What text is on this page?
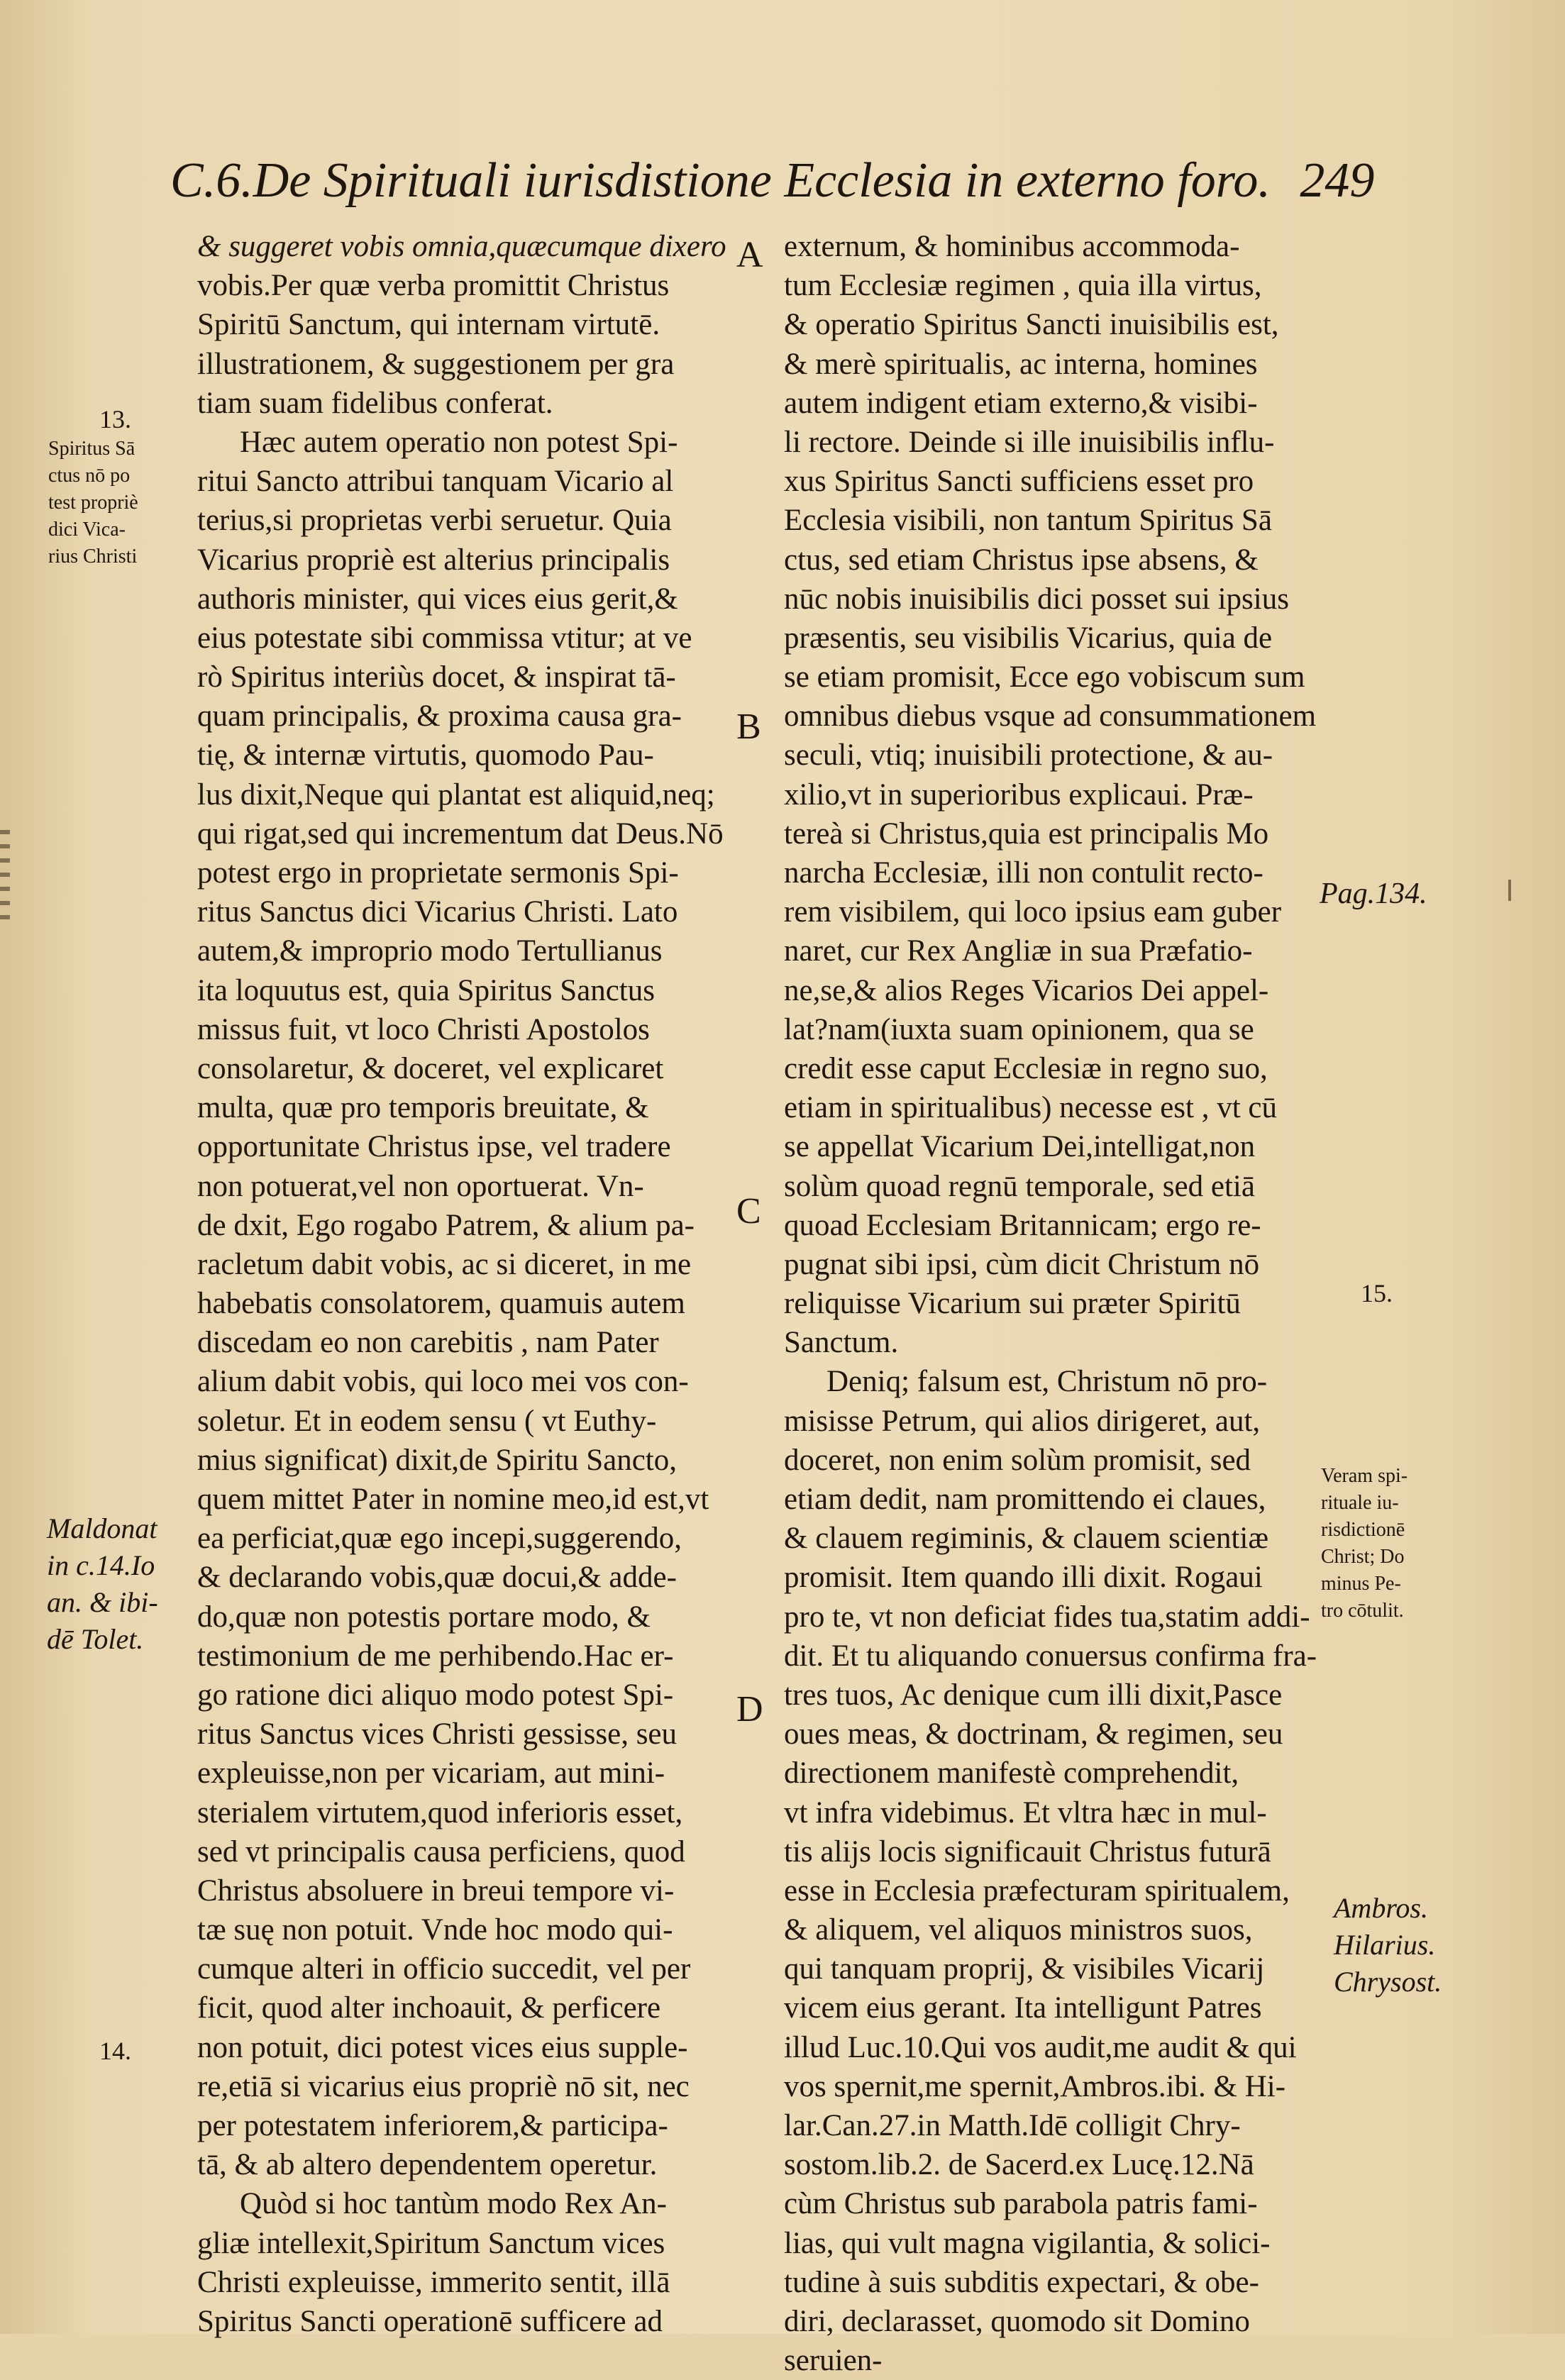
C.6.De Spirituali iurisdistione Ecclesia in externo foro. 249
& suggeret vobis omnia,quæcumque dixero
vobis.Per quæ verba promittit Christus
Spiritū Sanctum, qui internam virtutē.
illustrationem, & suggestionem per gra
tiam suam fidelibus conferat.
Hæc autem operatio non potest Spi-
ritui Sancto attribui tanquam Vicario al
terius,si proprietas verbi seruetur. Quia
Vicarius propriè est alterius principalis
authoris minister, qui vices eius gerit,&
eius potestate sibi commissa vtitur; at ve
rò Spiritus interiùs docet, & inspirat tā-
quam principalis, & proxima causa gra-
tię, & internæ virtutis, quomodo Pau-
lus dixit,Neque qui plantat est aliquid,neq;
qui rigat,sed qui incrementum dat Deus.Nō
potest ergo in proprietate sermonis Spi-
ritus Sanctus dici Vicarius Christi. Lato
autem,& improprio modo Tertullianus
ita loquutus est, quia Spiritus Sanctus
missus fuit, vt loco Christi Apostolos
consolaretur, & doceret, vel explicaret
multa, quæ pro temporis breuitate, &
opportunitate Christus ipse, vel tradere
non potuerat,vel non oportuerat. Vn-
de dxit, Ego rogabo Patrem, & alium pa-
racletum dabit vobis, ac si diceret, in me
habebatis consolatorem, quamuis autem
discedam eo non carebitis , nam Pater
alium dabit vobis, qui loco mei vos con-
soletur. Et in eodem sensu ( vt Euthy-
mius significat) dixit,de Spiritu Sancto,
quem mittet Pater in nomine meo,id est,vt
ea perficiat,quæ ego incepi,suggerendo,
& declarando vobis,quæ docui,& adde-
do,quæ non potestis portare modo, &
testimonium de me perhibendo.Hac er-
go ratione dici aliquo modo potest Spi-
ritus Sanctus vices Christi gessisse, seu
expleuisse,non per vicariam, aut mini-
sterialem virtutem,quod inferioris esset,
sed vt principalis causa perficiens, quod
Christus absoluere in breui tempore vi-
tæ suę non potuit. Vnde hoc modo qui-
cumque alteri in officio succedit, vel per
ficit, quod alter inchoauit, & perficere
non potuit, dici potest vices eius supple-
re,etiā si vicarius eius propriè nō sit, nec
per potestatem inferiorem,& participa-
tā, & ab altero dependentem operetur.
Quòd si hoc tantùm modo Rex An-
gliæ intellexit,Spiritum Sanctum vices
Christi expleuisse, immerito sentit, illā
Spiritus Sancti operationē sufficere ad
externum, & hominibus accommoda-
tum Ecclesiæ regimen , quia illa virtus,
& operatio Spiritus Sancti inuisibilis est,
& merè spiritualis, ac interna, homines
autem indigent etiam externo,& visibi-
li rectore. Deinde si ille inuisibilis influ-
xus Spiritus Sancti sufficiens esset pro
Ecclesia visibili, non tantum Spiritus Sā
ctus, sed etiam Christus ipse absens, &
nūc nobis inuisibilis dici posset sui ipsius
præsentis, seu visibilis Vicarius, quia de
se etiam promisit, Ecce ego vobiscum sum
omnibus diebus vsque ad consummationem
seculi, vtiq; inuisibili protectione, & au-
xilio,vt in superioribus explicaui. Præ-
tereà si Christus,quia est principalis Mo
narcha Ecclesiæ, illi non contulit recto-
rem visibilem, qui loco ipsius eam guber
naret, cur Rex Angliæ in sua Præfatio-
ne,se,& alios Reges Vicarios Dei appel-
lat?nam(iuxta suam opinionem, qua se
credit esse caput Ecclesiæ in regno suo,
etiam in spiritualibus) necesse est , vt cū
se appellat Vicarium Dei,intelligat,non
solùm quoad regnū temporale, sed etiā
quoad Ecclesiam Britannicam; ergo re-
pugnat sibi ipsi, cùm dicit Christum nō
reliquisse Vicarium sui præter Spiritū
Sanctum.
Deniq; falsum est, Christum nō pro-
misisse Petrum, qui alios dirigeret, aut,
doceret, non enim solùm promisit, sed
etiam dedit, nam promittendo ei claues,
& clauem regiminis, & clauem scientiæ
promisit. Item quando illi dixit. Rogaui
pro te, vt non deficiat fides tua,statim addi-
dit. Et tu aliquando conuersus confirma fra-
tres tuos, Ac denique cum illi dixit,Pasce
oues meas, & doctrinam, & regimen, seu
directionem manifestè comprehendit,
vt infra videbimus. Et vltra hæc in mul-
tis alijs locis significauit Christus futurā
esse in Ecclesia præfecturam spiritualem,
& aliquem, vel aliquos ministros suos,
qui tanquam proprij, & visibiles Vicarij
vicem eius gerant. Ita intelligunt Patres
illud Luc.10.Qui vos audit,me audit & qui
vos spernit,me spernit,Ambros.ibi. & Hi-
lar.Can.27.in Matth.Idē colligit Chry-
sostom.lib.2. de Sacerd.ex Lucę.12.Nā
cùm Christus sub parabola patris fami-
lias, qui vult magna vigilantia, & solici-
tudine à suis subditis expectari, & obe-
diri, declarasset, quomodo sit Domino
seruien-
A
B
C
D
13.
Spiritus Sā
ctus nō po
test propriè
dici Vica-
rius Christi
Maldonat
in c.14.Io
an. & ibi-
dē Tolet.
14.
Pag.134.
15.
Veram spi-
rituale iu-
risdictionē
Christ; Do
minus Pe-
tro cōtulit.
Ambros.
Hilarius.
Chrysost.
